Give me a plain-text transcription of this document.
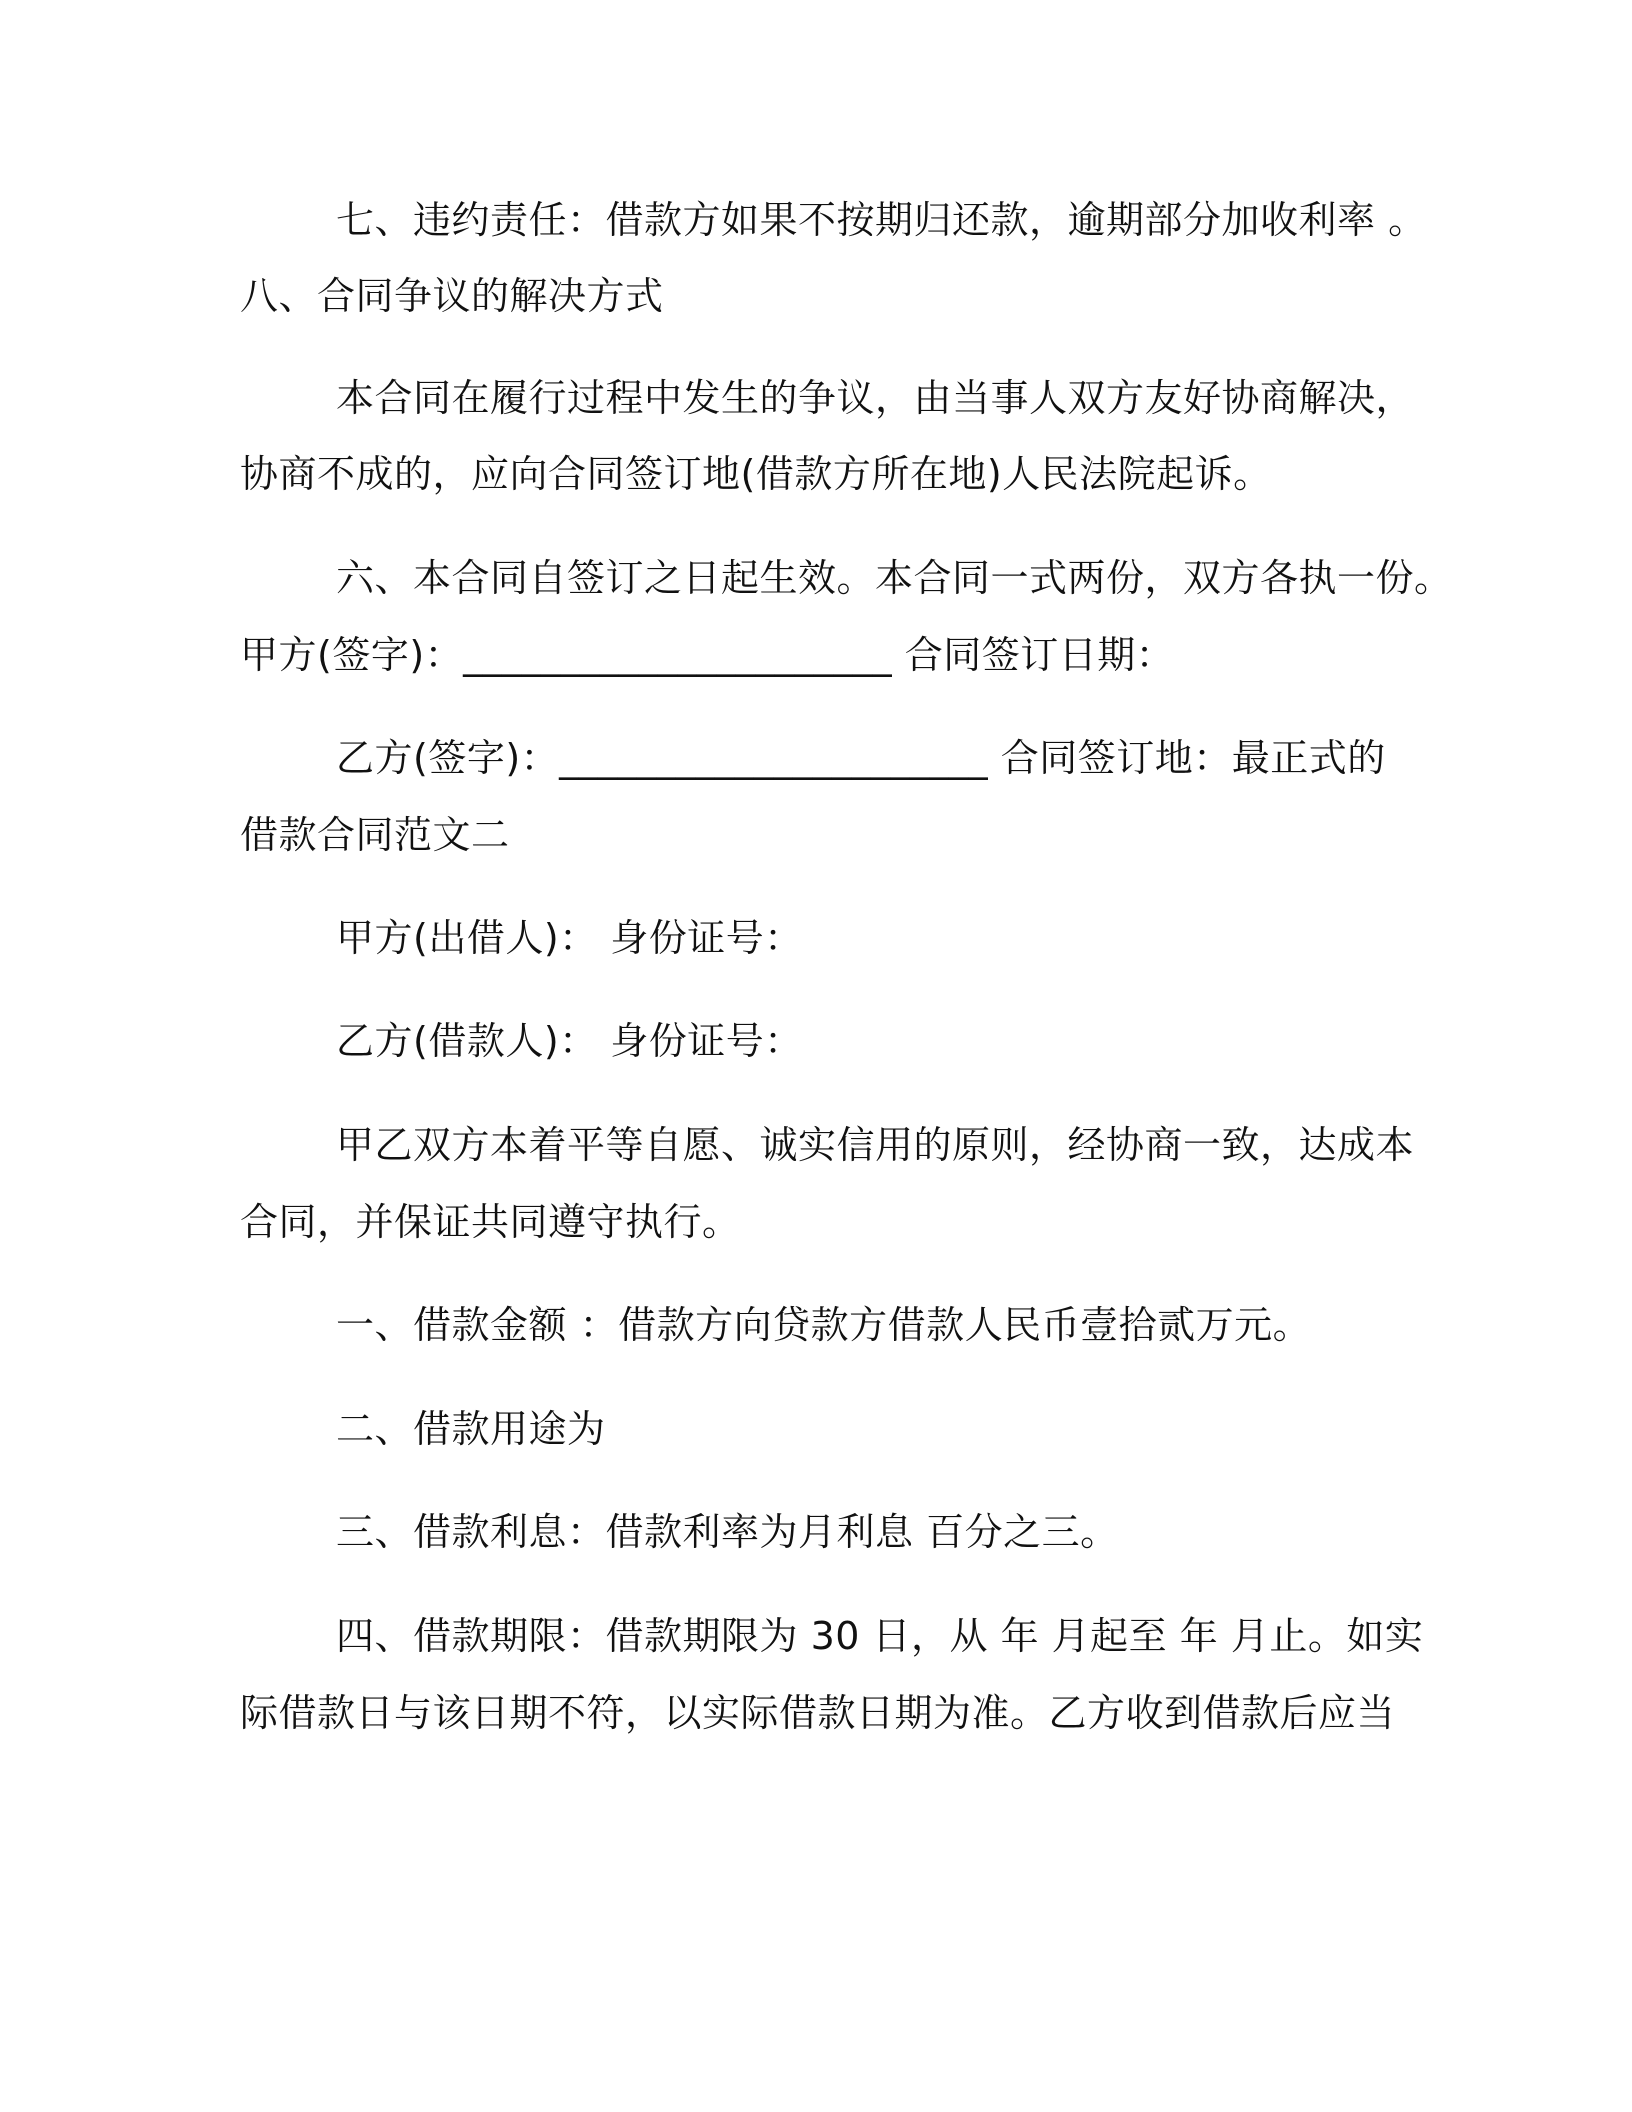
七、违约责任：借款方如果不按期归还款，逾期部分加收利率 。
八、合同争议的解决方式
本合同在履行过程中发生的争议，由当事人双方友好协商解决，
协商不成的，应向合同签订地(借款方所在地)人民法院起诉。
六、本合同自签订之日起生效。本合同一式两份，双方各执一份。
甲方(签字)：______________________ 合同签订日期：
乙方(签字)：______________________ 合同签订地：最正式的
借款合同范文二
甲方(出借人)： 身份证号：
乙方(借款人)： 身份证号：
甲乙双方本着平等自愿、诚实信用的原则，经协商一致，达成本
合同，并保证共同遵守执行。
一、借款金额 ：借款方向贷款方借款人民币壹拾贰万元。
二、借款用途为
三、借款利息：借款利率为月利息 百分之三。
四、借款期限：借款期限为 30 日，从 年 月起至 年 月止。如实
际借款日与该日期不符，以实际借款日期为准。乙方收到借款后应当
